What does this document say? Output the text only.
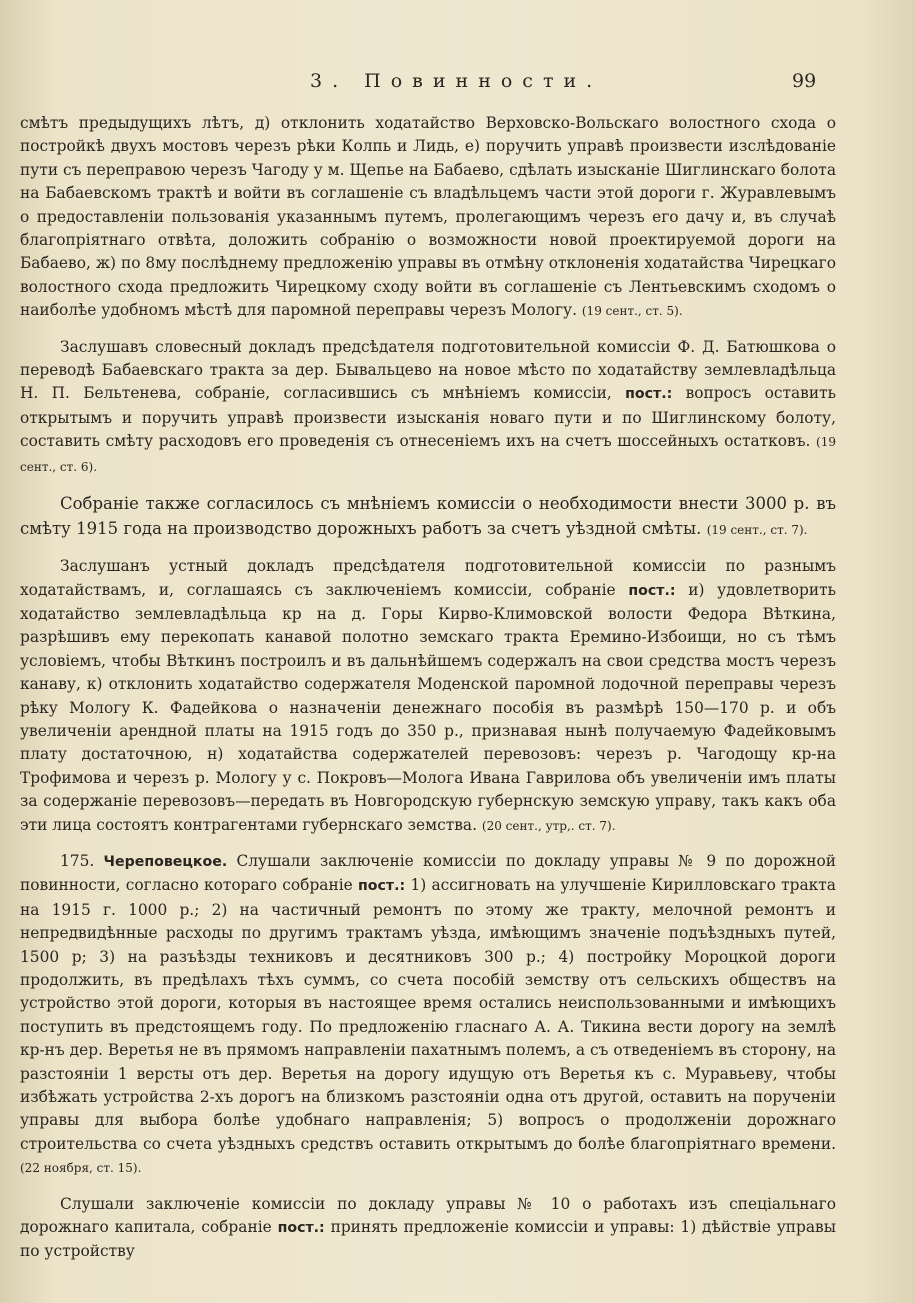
3. Повинности.	99

смѣтъ предыдущихъ лѣтъ, д) отклонить ходатайство Верховско-Вольскаго волостного схода о постройкѣ двухъ мостовъ черезъ рѣки Колпь и Лидь, е) поручить управѣ произвести изслѣдованіе пути съ переправою черезъ Чагоду у м. Щепье на Бабаево, сдѣлать изысканіе Шиглинскаго болота на Бабаевскомъ трактѣ и войти въ соглашеніе съ владѣльцемъ части этой дороги г. Журавлевымъ о предоставленіи пользованія указаннымъ путемъ, пролегающимъ черезъ его дачу и, въ случаѣ благопріятнаго отвѣта, доложить собранію о возможности новой проектируемой дороги на Бабаево, ж) по 8му послѣднему предложенію управы въ отмѣну отклоненія ходатайства Чирецкаго волостного схода предложить Чирецкому сходу войти въ соглашеніе съ Лентьевскимъ сходомъ о наиболѣе удобномъ мѣстѣ для паромной переправы черезъ Мологу. (19 сент., ст. 5).

Заслушавъ словесный докладъ предсѣдателя подготовительной комиссіи Ф. Д. Батюшкова о переводѣ Бабаевскаго тракта за дер. Бывальцево на новое мѣсто по ходатайству землевладѣльца Н. П. Бельтенева, собраніе, согласившись съ мнѣніемъ комиссіи, пост.: вопросъ оставить открытымъ и поручить управѣ произвести изысканія новаго пути и по Шиглинскому болоту, составить смѣту расходовъ его проведенія съ отнесеніемъ ихъ на счетъ шоссейныхъ остатковъ. (19 сент., ст. 6).

Собраніе также согласилось съ мнѣніемъ комиссіи о необходимости внести 3000 р. въ смѣту 1915 года на производство дорожныхъ работъ за счетъ уѣздной смѣты. (19 сент., ст. 7).

Заслушанъ устный докладъ предсѣдателя подготовительной комиссіи по разнымъ ходатайствамъ, и, соглашаясь съ заключеніемъ комиссіи, собраніе пост.: и) удовлетворить ходатайство землевладѣльца кр на д. Горы Кирво-Климовской волости Федора Вѣткина, разрѣшивъ ему перекопать канавой полотно земскаго тракта Еремино-Избоищи, но съ тѣмъ условіемъ, чтобы Вѣткинъ построилъ и въ дальнѣйшемъ содержалъ на свои средства мостъ черезъ канаву, к) отклонить ходатайство содержателя Моденской паромной лодочной переправы черезъ рѣку Мологу К. Фадейкова о назначеніи денежнаго пособія въ размѣрѣ 150—170 р. и объ увеличеніи арендной платы на 1915 годъ до 350 р., признавая нынѣ получаемую Фадейковымъ плату достаточною, н) ходатайства содержателей перевозовъ: черезъ р. Чагодощу кр-на Трофимова и черезъ р. Мологу у с. Покровъ—Молога Ивана Гаврилова объ увеличеніи имъ платы за содержаніе перевозовъ—передать въ Новгородскую губернскую земскую управу, такъ какъ оба эти лица состоятъ контрагентами губернскаго земства. (20 сент., утр,. ст. 7).

175. Череповецкое. Слушали заключеніе комиссіи по докладу управы № 9 по дорожной повинности, согласно котораго собраніе пост.: 1) ассигновать на улучшеніе Кирилловскаго тракта на 1915 г. 1000 р.; 2) на частичный ремонтъ по этому же тракту, мелочной ремонтъ и непредвидѣнные расходы по другимъ трактамъ уѣзда, имѣющимъ значеніе подъѣздныхъ путей, 1500 р; 3) на разъѣзды техниковъ и десятниковъ 300 р.; 4) постройку Мороцкой дороги продолжить, въ предѣлахъ тѣхъ суммъ, со счета пособій земству отъ сельскихъ обществъ на устройство этой дороги, которыя въ настоящее время остались неиспользованными и имѣющихъ поступить въ предстоящемъ году. По предложенію гласнаго А. А. Тикина вести дорогу на землѣ кр-нъ дер. Веретья не въ прямомъ направленіи пахатнымъ полемъ, а съ отведеніемъ въ сторону, на разстояніи 1 версты отъ дер. Веретья на дорогу идущую отъ Веретья къ с. Муравьеву, чтобы избѣжать устройства 2-хъ дорогъ на близкомъ разстояніи одна отъ другой, оставить на порученіи управы для выбора болѣе удобнаго направленія; 5) вопросъ о продолженіи дорожнаго строительства со счета уѣздныхъ средствъ оставить открытымъ до болѣе благопріятнаго времени. (22 ноября, ст. 15).

Слушали заключеніе комиссіи по докладу управы № 10 о работахъ изъ спеціальнаго дорожнаго капитала, собраніе пост.: принять предложеніе комиссіи и управы: 1) дѣйствіе управы по устройству
